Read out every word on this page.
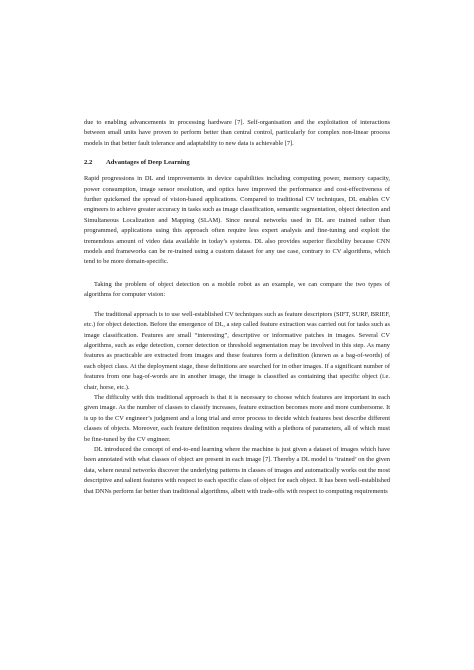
due to enabling advancements in processing hardware [7]. Self-organisation and the exploitation of interactions between small units have proven to perform better than central control, particularly for complex non-linear process models in that better fault tolerance and adaptability to new data is achievable [7].

2.2	Advantages of Deep Learning

Rapid progressions in DL and improvements in device capabilities including computing power, memory capacity, power consumption, image sensor resolution, and optics have improved the performance and cost-effectiveness of further quickened the spread of vision-based applications. Compared to traditional CV techniques, DL enables CV engineers to achieve greater accuracy in tasks such as image classification, semantic segmentation, object detection and Simultaneous Localization and Mapping (SLAM). Since neural networks used in DL are trained rather than programmed, applications using this approach often require less expert analysis and fine-tuning and exploit the tremendous amount of video data available in today’s systems. DL also provides superior flexibility because CNN models and frameworks can be re-trained using a custom dataset for any use case, contrary to CV algorithms, which tend to be more domain-specific.

Taking the problem of object detection on a mobile robot as an example, we can compare the two types of algorithms for computer vision:

The traditional approach is to use well-established CV techniques such as feature descriptors (SIFT, SURF, BRIEF, etc.) for object detection. Before the emergence of DL, a step called feature extraction was carried out for tasks such as image classification. Features are small “interesting”, descriptive or informative patches in images. Several CV algorithms, such as edge detection, corner detection or threshold segmentation may be involved in this step. As many features as practicable are extracted from images and these features form a definition (known as a bag-of-words) of each object class. At the deployment stage, these definitions are searched for in other images. If a significant number of features from one bag-of-words are in another image, the image is classified as containing that specific object (i.e. chair, horse, etc.).

The difficulty with this traditional approach is that it is necessary to choose which features are important in each given image. As the number of classes to classify increases, feature extraction becomes more and more cumbersome. It is up to the CV engineer’s judgment and a long trial and error process to decide which features best describe different classes of objects. Moreover, each feature definition requires dealing with a plethora of parameters, all of which must be fine-tuned by the CV engineer.

DL introduced the concept of end-to-end learning where the machine is just given a dataset of images which have been annotated with what classes of object are present in each image [7]. Thereby a DL model is ‘trained’ on the given data, where neural networks discover the underlying patterns in classes of images and automatically works out the most descriptive and salient features with respect to each specific class of object for each object. It has been well-established that DNNs perform far better than traditional algorithms, albeit with trade-offs with respect to computing requirements
